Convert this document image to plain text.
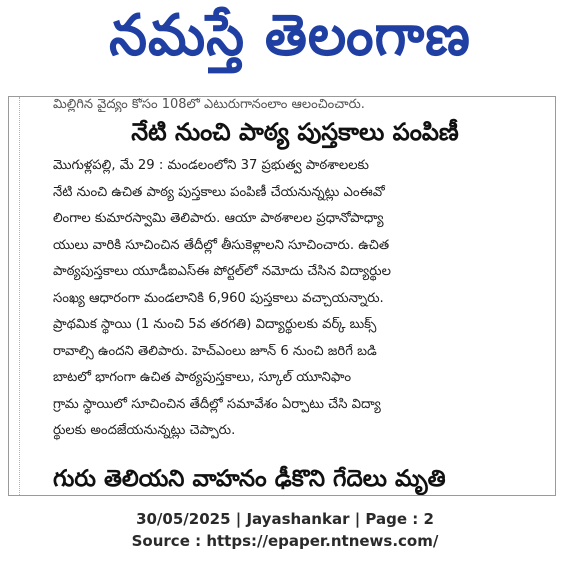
నమస్తే తెలంగాణ
మిల్లిగిన వైద్యం కోసం 108లో ఎటురుగానంలాం ఆలంచించారు.
నేటి నుంచి పాఠ్య పుస్తకాలు పంపిణీ
మొగుళ్లపల్లి, మే 29 : మండలంలోని 37 ప్రభుత్వ పాఠశాలలకు
నేటి నుంచి ఉచిత పాఠ్య పుస్తకాలు పంపిణీ చేయనున్నట్లు ఎంఈవో
లింగాల కుమారస్వామి తెలిపారు. ఆయా పాఠశాలల ప్రధానోపాధ్యా
యులు వారికి సూచించిన తేదీల్లో తీసుకెళ్లాలని సూచించారు. ఉచిత
పాఠ్యపుస్తకాలు యూడీఐఎస్ఈ పోర్టల్‌లో నమోదు చేసిన విద్యార్థుల
సంఖ్య ఆధారంగా మండలానికి 6,960 పుస్తకాలు వచ్చాయన్నారు.
ప్రాథమిక స్థాయి (1 నుంచి 5వ తరగతి) విద్యార్థులకు వర్క్ బుక్స్
రావాల్సి ఉందని తెలిపారు. హెచ్‌ఎంలు జూన్ 6 నుంచి జరిగే బడి
బాటలో భాగంగా ఉచిత పాఠ్యపుస్తకాలు, స్కూల్ యూనిఫాం
గ్రామ స్థాయిలో సూచించిన తేదీల్లో సమావేశం ఏర్పాటు చేసి విద్యా
ర్థులకు అందజేయనున్నట్లు చెప్పారు.
గురు తెలియని వాహనం ఢీకొని గేదెలు మృతి
30/05/2025 | Jayashankar | Page : 2
Source : https://epaper.ntnews.com/
